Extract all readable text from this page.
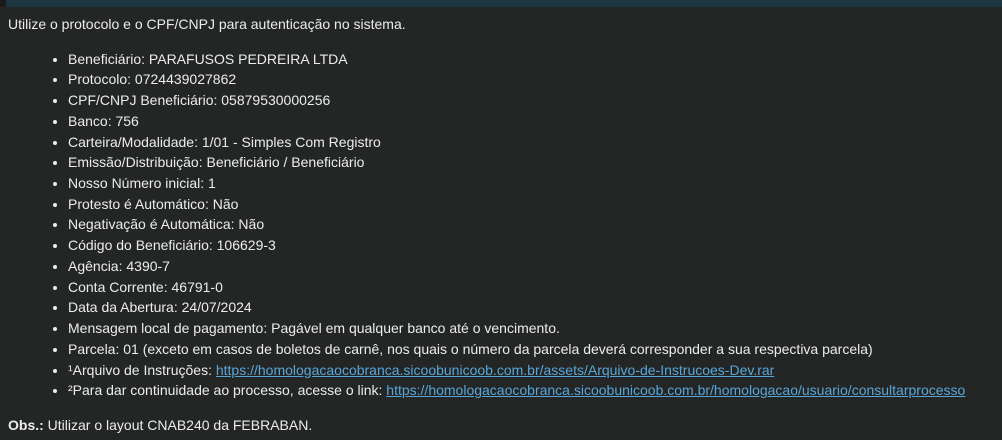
Utilize o protocolo e o CPF/CNPJ para autenticação no sistema.

• Beneficiário: PARAFUSOS PEDREIRA LTDA
• Protocolo: 0724439027862
• CPF/CNPJ Beneficiário: 05879530000256
• Banco: 756
• Carteira/Modalidade: 1/01 - Simples Com Registro
• Emissão/Distribuição: Beneficiário / Beneficiário
• Nosso Número inicial: 1
• Protesto é Automático: Não
• Negativação é Automática: Não
• Código do Beneficiário: 106629-3
• Agência: 4390-7
• Conta Corrente: 46791-0
• Data da Abertura: 24/07/2024
• Mensagem local de pagamento: Pagável em qualquer banco até o vencimento.
• Parcela: 01 (exceto em casos de boletos de carnê, nos quais o número da parcela deverá corresponder a sua respectiva parcela)
• ¹Arquivo de Instruções: https://homologacaocobranca.sicoobunicoob.com.br/assets/Arquivo-de-Instrucoes-Dev.rar
• ²Para dar continuidade ao processo, acesse o link: https://homologacaocobranca.sicoobunicoob.com.br/homologacao/usuario/consultarprocesso

Obs.: Utilizar o layout CNAB240 da FEBRABAN.
